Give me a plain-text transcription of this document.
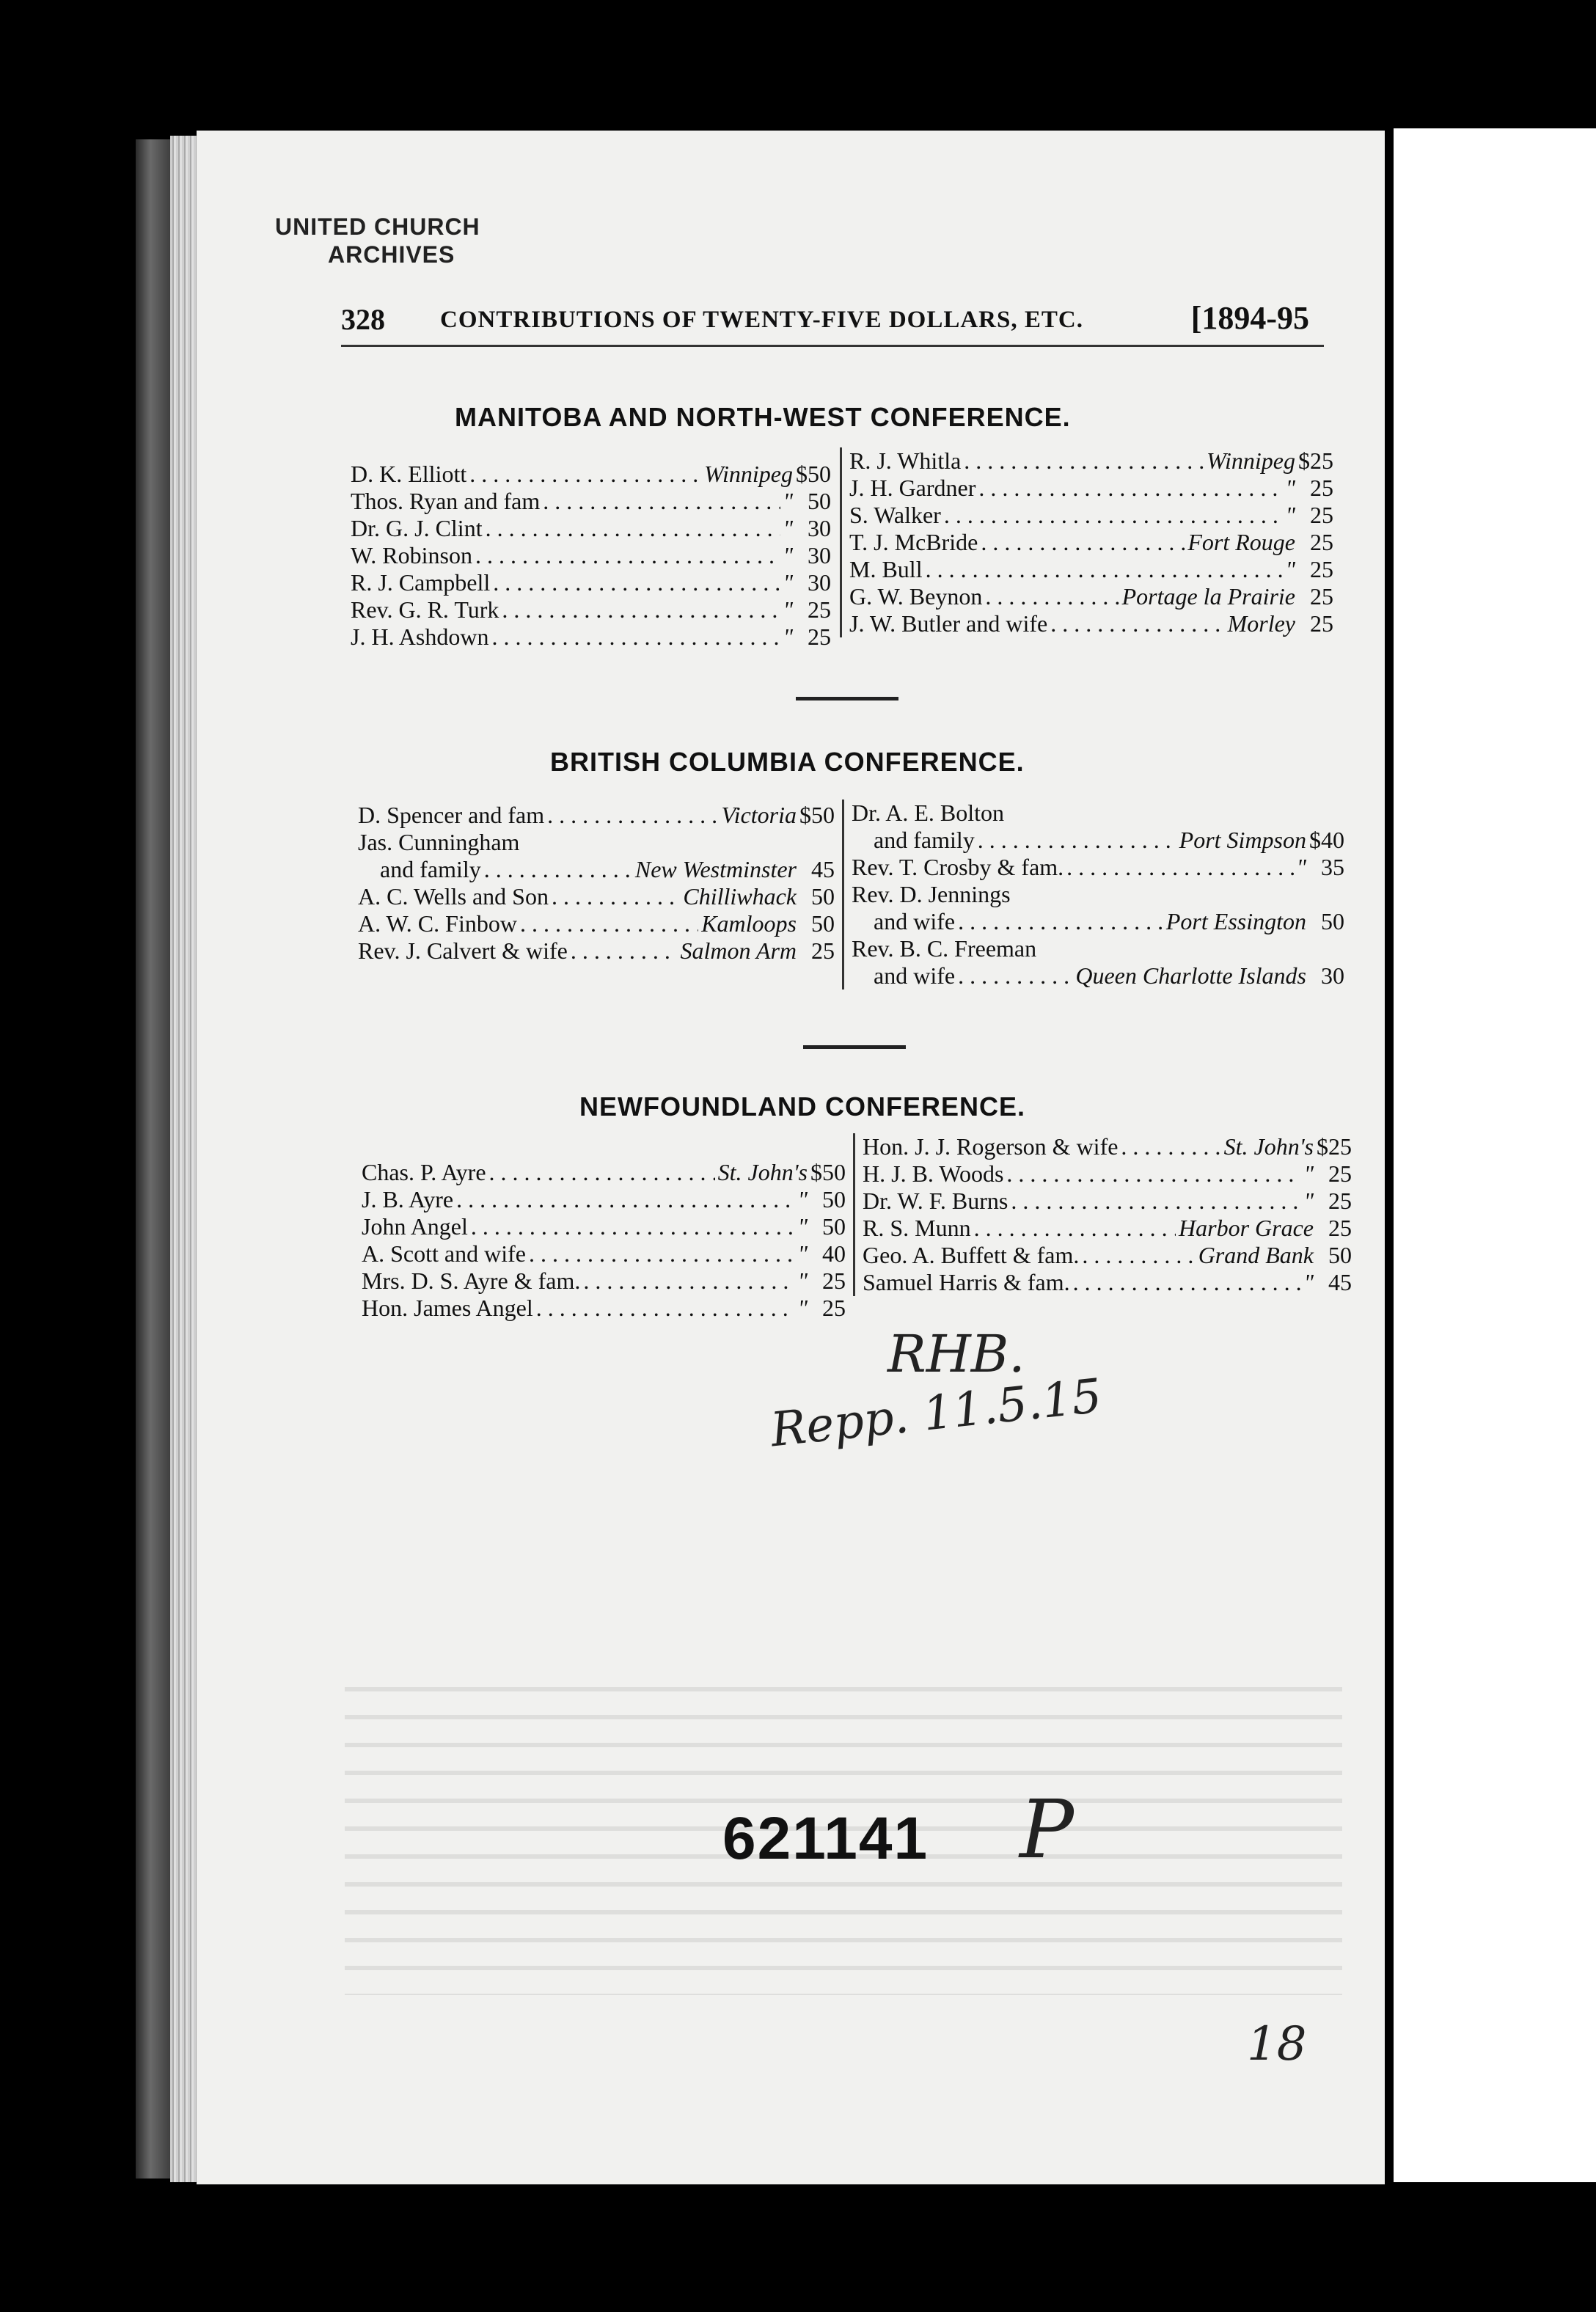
UNITED CHURCH
ARCHIVES
328 CONTRIBUTIONS OF TWENTY-FIVE DOLLARS, ETC.	[1894-95
MANITOBA AND NORTH-WEST CONFERENCE.
D. K. Elliott . . .	Winnipeg $50
Thos. Ryan and fam . . .	" 50
Dr. G. J. Clint . . .	" 30
W. Robinson . . .	" 30
R. J. Campbell . . .	" 30
Rev. G. R. Turk . . .	" 25
J. H. Ashdown . . .	" 25
R. J. Whitla . . .	Winnipeg $25
J. H. Gardner . . .	" 25
S. Walker . . .	" 25
T. J. McBride . . .	Fort Rouge 25
M. Bull . . .	" 25
G. W. Beynon . . .	Portage la Prairie 25
J. W. Butler and wife . . .	Morley 25
BRITISH COLUMBIA CONFERENCE.
D. Spencer and fam . . .	Victoria $50
Jas. Cunningham
and family . . .	New Westminster 45
A. C. Wells and Son . . .	Chilliwhack 50
A. W. C. Finbow . . .	Kamloops 50
Rev. J. Calvert & wife . . .	Salmon Arm 25
Dr. A. E. Bolton
and family . . .	Port Simpson $40
Rev. T. Crosby & fam. . . .	" 35
Rev. D. Jennings
and wife . . .	Port Essington 50
Rev. B. C. Freeman
and wife . . .	Queen Charlotte Islands 30
NEWFOUNDLAND CONFERENCE.
Chas. P. Ayre . . .	St. John's $50
J. B. Ayre . . .	" 50
John Angel . . .	" 50
A. Scott and wife . . .	" 40
Mrs. D. S. Ayre & fam. . . .	" 25
Hon. James Angel . . .	" 25
Hon. J. J. Rogerson & wife . . .	St. John's $25
H. J. B. Woods . . .	" 25
Dr. W. F. Burns . . .	" 25
R. S. Munn . . .	Harbor Grace 25
Geo. A. Buffett & fam. . . .	Grand Bank 50
Samuel Harris & fam. . . .	" 45
RHB.
Repp. 11.5.15
621141 P
18
